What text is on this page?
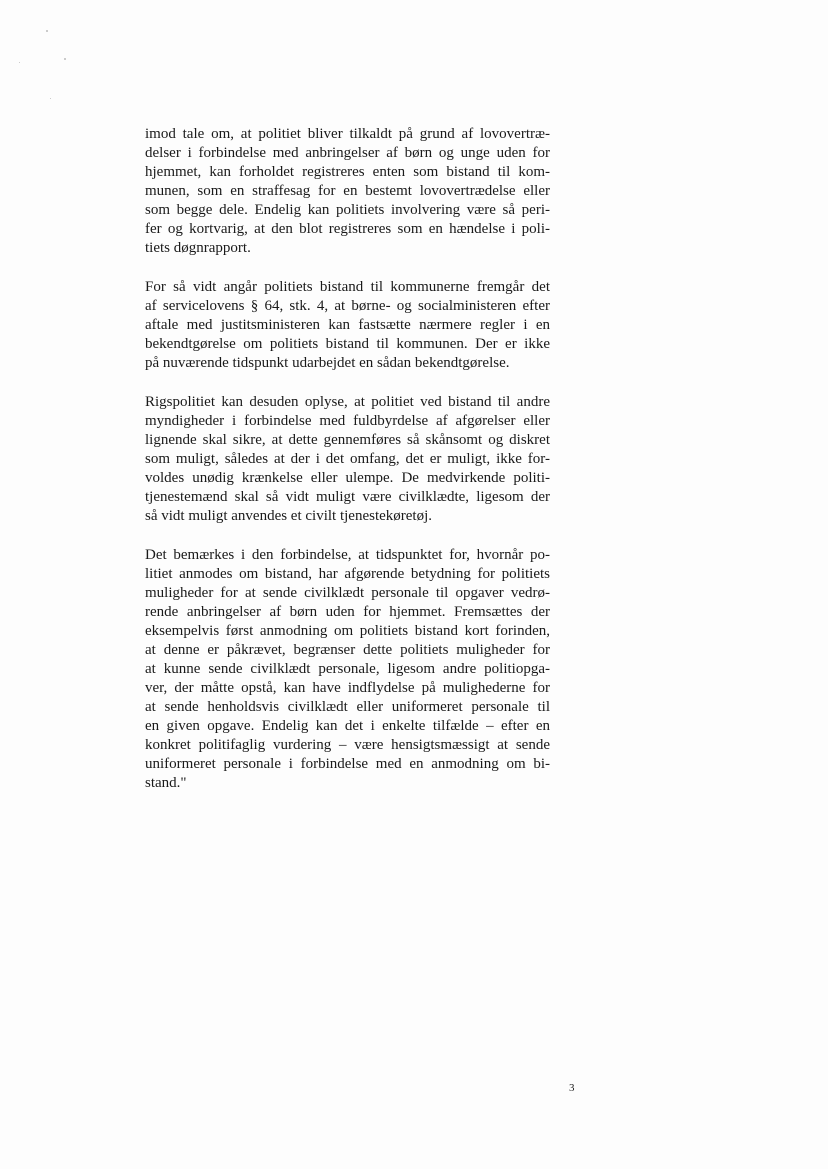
imod tale om, at politiet bliver tilkaldt på grund af lovovertræ-
delser i forbindelse med anbringelser af børn og unge uden for
hjemmet, kan forholdet registreres enten som bistand til kom-
munen, som en straffesag for en bestemt lovovertrædelse eller
som begge dele. Endelig kan politiets involvering være så peri-
fer og kortvarig, at den blot registreres som en hændelse i poli-
tiets døgnrapport.

For så vidt angår politiets bistand til kommunerne fremgår det
af servicelovens § 64, stk. 4, at børne- og socialministeren efter
aftale med justitsministeren kan fastsætte nærmere regler i en
bekendtgørelse om politiets bistand til kommunen. Der er ikke
på nuværende tidspunkt udarbejdet en sådan bekendtgørelse.

Rigspolitiet kan desuden oplyse, at politiet ved bistand til andre
myndigheder i forbindelse med fuldbyrdelse af afgørelser eller
lignende skal sikre, at dette gennemføres så skånsomt og diskret
som muligt, således at der i det omfang, det er muligt, ikke for-
voldes unødig krænkelse eller ulempe. De medvirkende politi-
tjenestemænd skal så vidt muligt være civilklædte, ligesom der
så vidt muligt anvendes et civilt tjenestekøretøj.

Det bemærkes i den forbindelse, at tidspunktet for, hvornår po-
litiet anmodes om bistand, har afgørende betydning for politiets
muligheder for at sende civilklædt personale til opgaver vedrø-
rende anbringelser af børn uden for hjemmet. Fremsættes der
eksempelvis først anmodning om politiets bistand kort forinden,
at denne er påkrævet, begrænser dette politiets muligheder for
at kunne sende civilklædt personale, ligesom andre politiopga-
ver, der måtte opstå, kan have indflydelse på mulighederne for
at sende henholdsvis civilklædt eller uniformeret personale til
en given opgave. Endelig kan det i enkelte tilfælde – efter en
konkret politifaglig vurdering – være hensigtsmæssigt at sende
uniformeret personale i forbindelse med en anmodning om bi-
stand."

3
